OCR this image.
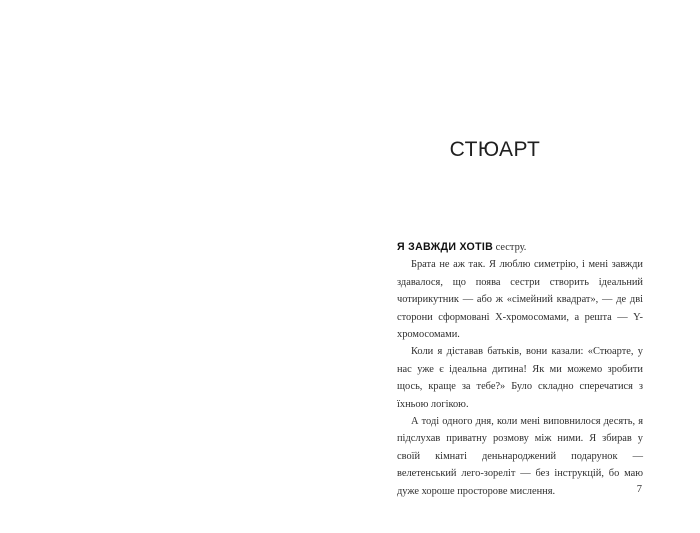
СТЮАРТ

Я ЗАВЖДИ ХОТІВ сестру.

Брата не аж так. Я люблю симетрію, і мені завжди здавалося, що поява сестри створить ідеальний чотирикутник — або ж «сімейний квадрат», — де дві сторони сформовані Х-хромосомами, а решта — Y-хромосомами.

Коли я діставав батьків, вони казали: «Стюарте, у нас уже є ідеальна дитина! Як ми можемо зробити щось, краще за тебе?» Було складно сперечатися з їхньою логікою.

А тоді одного дня, коли мені виповнилося десять, я підслухав приватну розмову між ними. Я збирав у своїй кімнаті деньнароджений подарунок — велетенський лего-зореліт — без інструкцій, бо маю дуже хороше просторове мислення.	7
